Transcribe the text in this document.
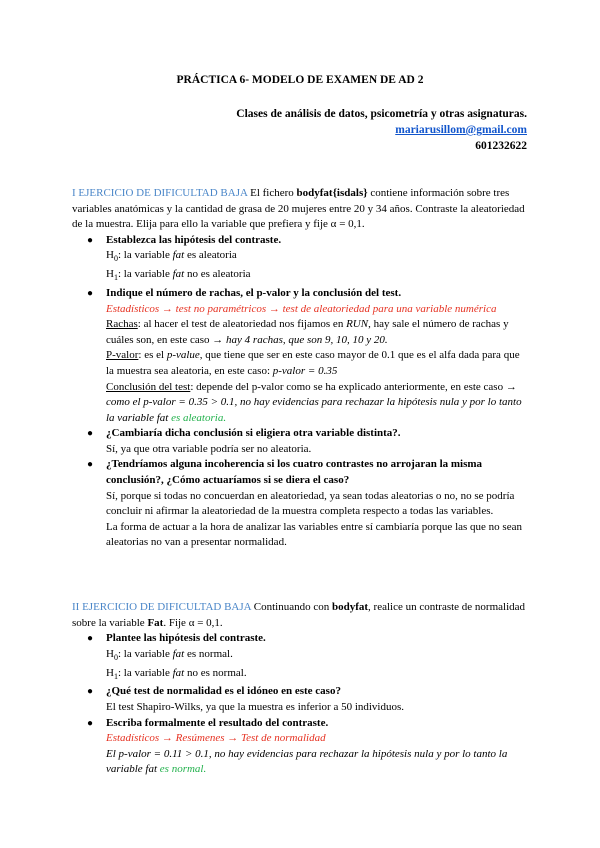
PRÁCTICA 6- MODELO DE EXAMEN DE AD 2
Clases de análisis de datos, psicometría y otras asignaturas.
mariarusillom@gmail.com
601232622

I EJERCICIO DE DIFICULTAD BAJA El fichero bodyfat{isdals} contiene información sobre tres variables anatómicas y la cantidad de grasa de 20 mujeres entre 20 y 34 años. Contraste la aleatoriedad de la muestra. Elija para ello la variable que prefiera y fije α = 0,1.

● Establezca las hipótesis del contraste.
$H_0$: la variable fat es aleatoria
$H_1$: la variable fat no es aleatoria
● Indique el número de rachas, el p-valor y la conclusión del test.
Estadísticos → test no paramétricos → test de aleatoriedad para una variable numérica
Rachas: al hacer el test de aleatoriedad nos fijamos en RUN, hay sale el número de rachas y cuáles son, en este caso → hay 4 rachas, que son 9, 10, 10 y 20.
P-valor: es el p-value, que tiene que ser en este caso mayor de 0.1 que es el alfa dada para que la muestra sea aleatoria, en este caso: p-valor = 0.35
Conclusión del test: depende del p-valor como se ha explicado anteriormente, en este caso → como el p-valor = 0.35 > 0.1, no hay evidencias para rechazar la hipótesis nula y por lo tanto la variable fat es aleatoria.
● ¿Cambiaría dicha conclusión si eligiera otra variable distinta?.
Sí, ya que otra variable podría ser no aleatoria.
● ¿Tendríamos alguna incoherencia si los cuatro contrastes no arrojaran la misma conclusión?, ¿Cómo actuaríamos si se diera el caso?
Sí, porque si todas no concuerdan en aleatoriedad, ya sean todas aleatorias o no, no se podría concluir ni afirmar la aleatoriedad de la muestra completa respecto a todas las variables.
La forma de actuar a la hora de analizar las variables entre sí cambiaría porque las que no sean aleatorias no van a presentar normalidad.

II EJERCICIO DE DIFICULTAD BAJA Continuando con bodyfat, realice un contraste de normalidad sobre la variable Fat. Fije α = 0,1.

● Plantee las hipótesis del contraste.
$H_0$: la variable fat es normal.
$H_1$: la variable fat no es normal.
● ¿Qué test de normalidad es el idóneo en este caso?
El test Shapiro-Wilks, ya que la muestra es inferior a 50 individuos.
● Escriba formalmente el resultado del contraste.
Estadísticos → Resúmenes → Test de normalidad
El p-valor = 0.11 > 0.1, no hay evidencias para rechazar la hipótesis nula y por lo tanto la variable fat es normal.
